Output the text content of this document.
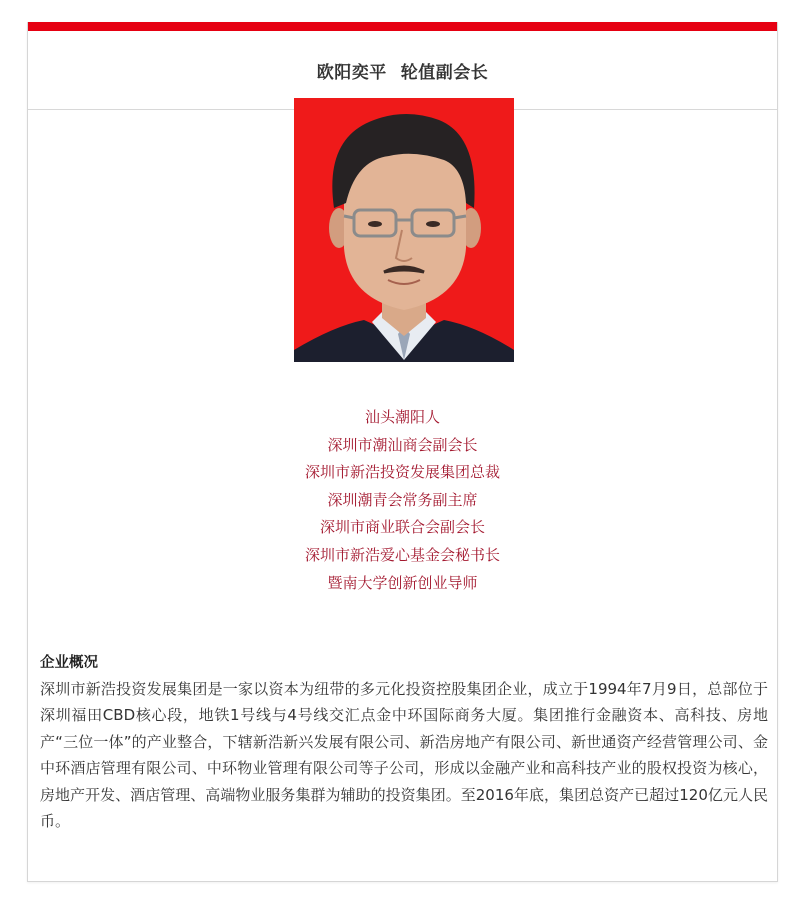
欧阳奕平 轮值副会长
汕头潮阳人
深圳市潮汕商会副会长
深圳市新浩投资发展集团总裁
深圳潮青会常务副主席
深圳市商业联合会副会长
深圳市新浩爱心基金会秘书长
暨南大学创新创业导师
企业概况
深圳市新浩投资发展集团是一家以资本为纽带的多元化投资控股集团企业，成立于1994年7月9日，总部位于深圳福田CBD核心段，地铁1号线与4号线交汇点金中环国际商务大厦。集团推行金融资本、高科技、房地产“三位一体”的产业整合，下辖新浩新兴发展有限公司、新浩房地产有限公司、新世通资产经营管理公司、金中环酒店管理有限公司、中环物业管理有限公司等子公司，形成以金融产业和高科技产业的股权投资为核心，房地产开发、酒店管理、高端物业服务集群为辅助的投资集团。至2016年底，集团总资产已超过120亿元人民币。
